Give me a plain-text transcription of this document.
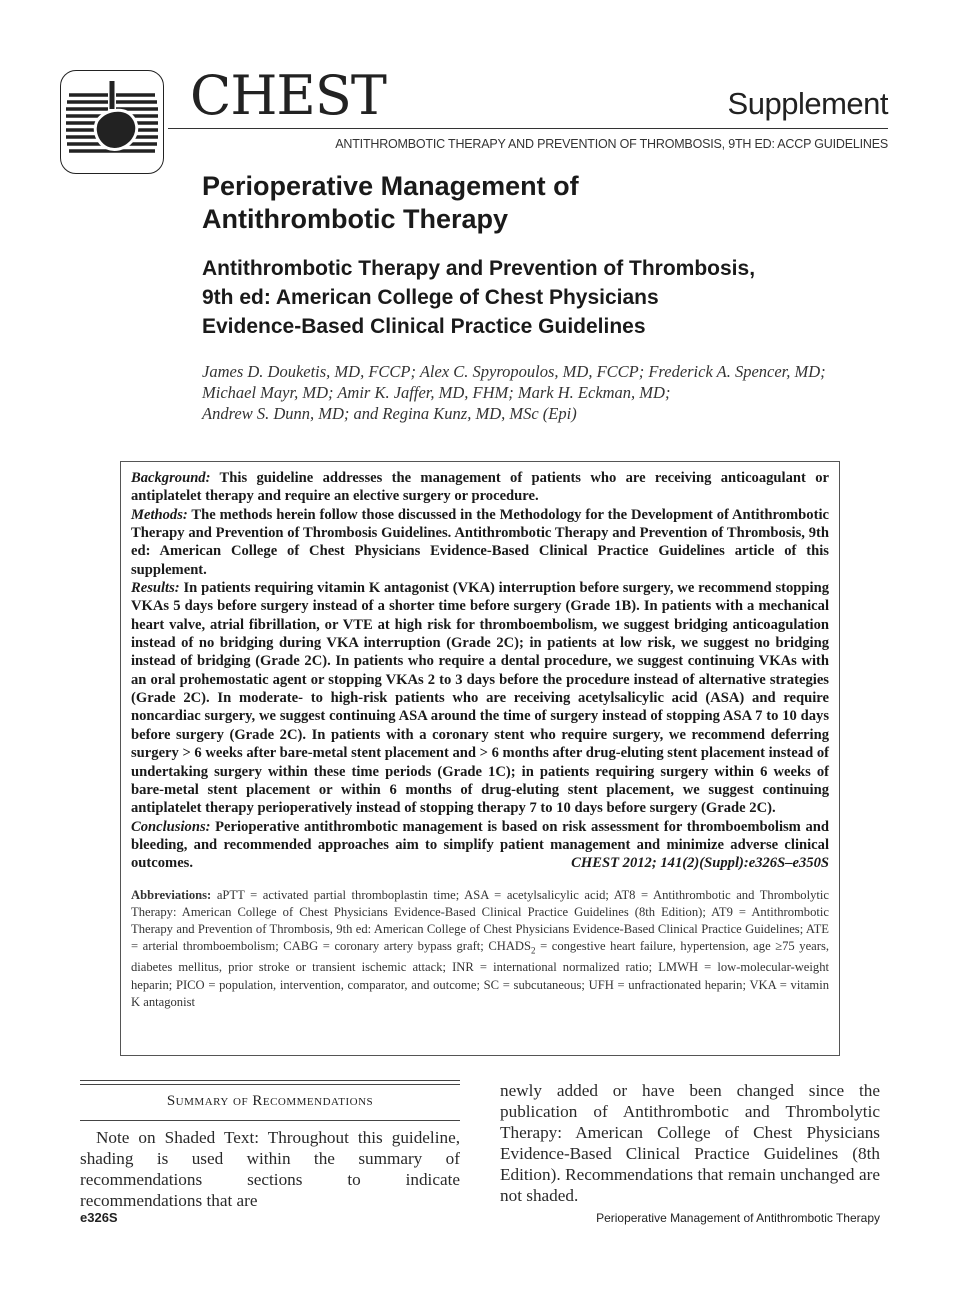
CHEST	Supplement
ANTITHROMBOTIC THERAPY AND PREVENTION OF THROMBOSIS, 9TH ED: ACCP GUIDELINES
Perioperative Management of
Antithrombotic Therapy
Antithrombotic Therapy and Prevention of Thrombosis,
9th ed: American College of Chest Physicians
Evidence-Based Clinical Practice Guidelines

James D. Douketis, MD, FCCP; Alex C. Spyropoulos, MD, FCCP; Frederick A. Spencer, MD;
Michael Mayr, MD; Amir K. Jaffer, MD, FHM; Mark H. Eckman, MD;
Andrew S. Dunn, MD; and Regina Kunz, MD, MSc (Epi)

Background: This guideline addresses the management of patients who are receiving anticoagulant or antiplatelet therapy and require an elective surgery or procedure.
Methods: The methods herein follow those discussed in the Methodology for the Development of Antithrombotic Therapy and Prevention of Thrombosis Guidelines. Antithrombotic Therapy and Prevention of Thrombosis, 9th ed: American College of Chest Physicians Evidence-Based Clinical Practice Guidelines article of this supplement.
Results: In patients requiring vitamin K antagonist (VKA) interruption before surgery, we recommend stopping VKAs 5 days before surgery instead of a shorter time before surgery (Grade 1B). In patients with a mechanical heart valve, atrial fibrillation, or VTE at high risk for thromboembolism, we suggest bridging anticoagulation instead of no bridging during VKA interruption (Grade 2C); in patients at low risk, we suggest no bridging instead of bridging (Grade 2C). In patients who require a dental procedure, we suggest continuing VKAs with an oral prohemostatic agent or stopping VKAs 2 to 3 days before the procedure instead of alternative strategies (Grade 2C). In moderate- to high-risk patients who are receiving acetylsalicylic acid (ASA) and require noncardiac surgery, we suggest continuing ASA around the time of surgery instead of stopping ASA 7 to 10 days before surgery (Grade 2C). In patients with a coronary stent who require surgery, we recommend deferring surgery > 6 weeks after bare-metal stent placement and > 6 months after drug-eluting stent placement instead of undertaking surgery within these time periods (Grade 1C); in patients requiring surgery within 6 weeks of bare-metal stent placement or within 6 months of drug-eluting stent placement, we suggest continuing antiplatelet therapy perioperatively instead of stopping therapy 7 to 10 days before surgery (Grade 2C).
Conclusions: Perioperative antithrombotic management is based on risk assessment for thromboembolism and bleeding, and recommended approaches aim to simplify patient management and minimize adverse clinical outcomes.	CHEST 2012; 141(2)(Suppl):e326S–e350S

Abbreviations: aPTT = activated partial thromboplastin time; ASA = acetylsalicylic acid; AT8 = Antithrombotic and Thrombolytic Therapy: American College of Chest Physicians Evidence-Based Clinical Practice Guidelines (8th Edition); AT9 = Antithrombotic Therapy and Prevention of Thrombosis, 9th ed: American College of Chest Physicians Evidence-Based Clinical Practice Guidelines; ATE = arterial thromboembolism; CABG = coronary artery bypass graft; $CHADS_2$ = congestive heart failure, hypertension, age ≥75 years, diabetes mellitus, prior stroke or transient ischemic attack; INR = international normalized ratio; LMWH = low-molecular-weight heparin; PICO = population, intervention, comparator, and outcome; SC = subcutaneous; UFH = unfractionated heparin; VKA = vitamin K antagonist

Summary of Recommendations

Note on Shaded Text: Throughout this guideline, shading is used within the summary of recommendations sections to indicate recommendations that are

newly added or have been changed since the publication of Antithrombotic and Thrombolytic Therapy: American College of Chest Physicians Evidence-Based Clinical Practice Guidelines (8th Edition). Recommendations that remain unchanged are not shaded.

e326S	Perioperative Management of Antithrombotic Therapy
